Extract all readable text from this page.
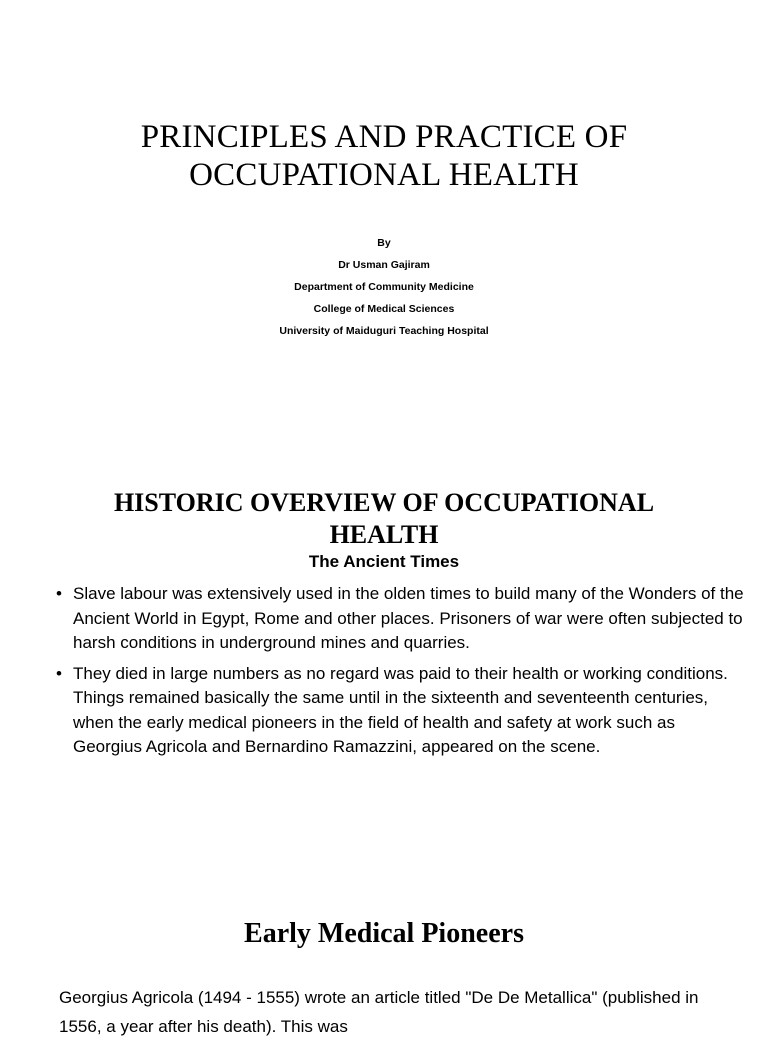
PRINCIPLES AND PRACTICE OF
OCCUPATIONAL HEALTH
By
Dr Usman Gajiram
Department of Community Medicine
College of Medical Sciences
University of Maiduguri Teaching Hospital
HISTORIC OVERVIEW OF OCCUPATIONAL
HEALTH
The Ancient Times
• Slave labour was extensively used in the olden times to build many of the Wonders of the Ancient World in Egypt, Rome and other places. Prisoners of war were often subjected to harsh conditions in underground mines and quarries.
• They died in large numbers as no regard was paid to their health or working conditions. Things remained basically the same until in the sixteenth and seventeenth centuries, when the early medical pioneers in the field of health and safety at work such as Georgius Agricola and Bernardino Ramazzini, appeared on the scene.
Early Medical Pioneers

Georgius Agricola (1494 - 1555) wrote an article titled "De De Metallica" (published in 1556, a year after his death). This was
